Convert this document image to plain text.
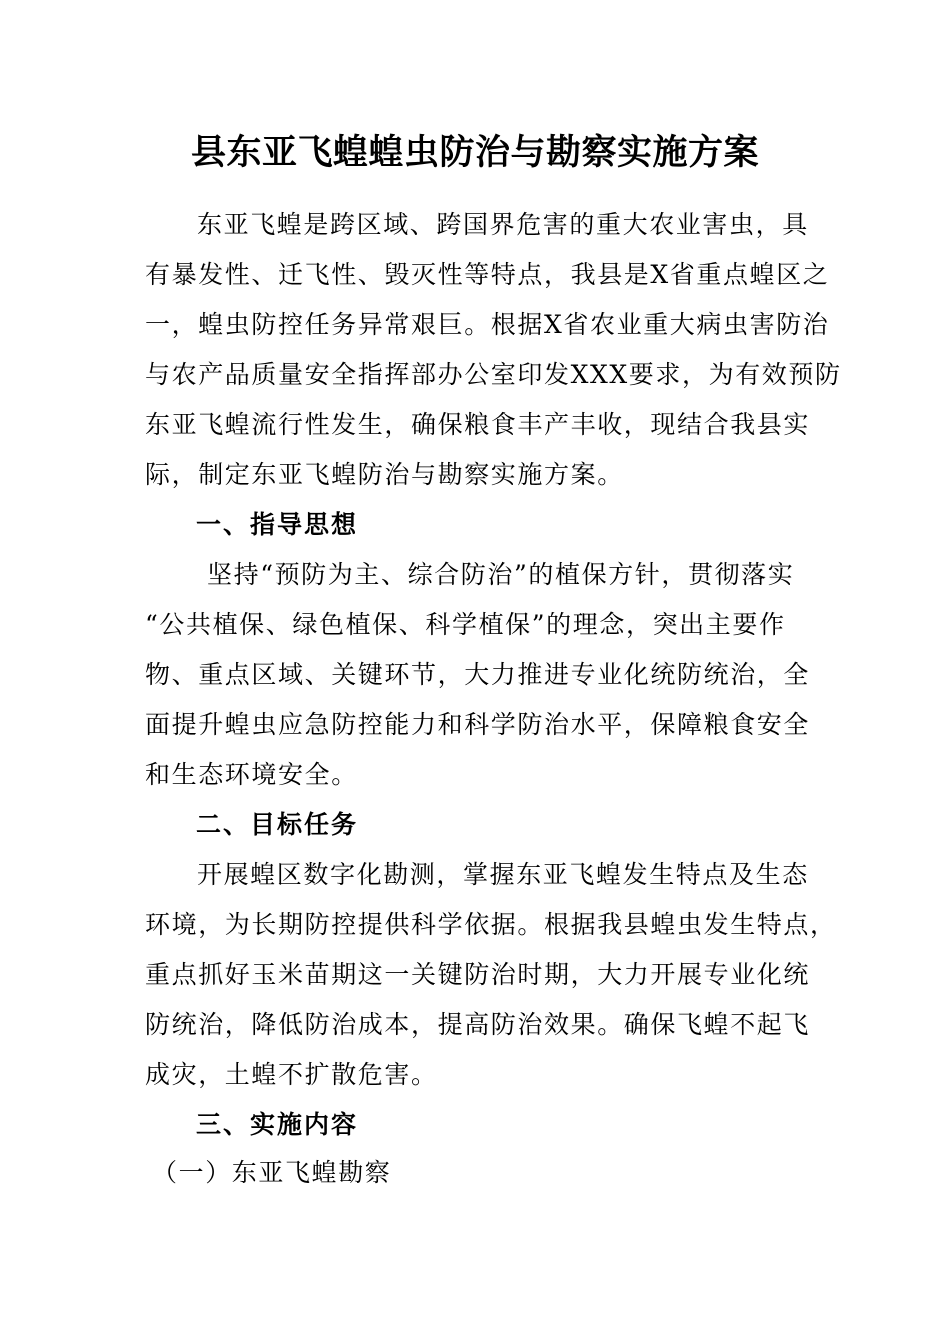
县东亚飞蝗蝗虫防治与勘察实施方案
东亚飞蝗是跨区域、跨国界危害的重大农业害虫，具
有暴发性、迁飞性、毁灭性等特点，我县是X省重点蝗区之
一，蝗虫防控任务异常艰巨。根据X省农业重大病虫害防治
与农产品质量安全指挥部办公室印发XXX要求，为有效预防
东亚飞蝗流行性发生，确保粮食丰产丰收，现结合我县实
际，制定东亚飞蝗防治与勘察实施方案。
一、指导思想
坚持“预防为主、综合防治”的植保方针，贯彻落实
“公共植保、绿色植保、科学植保”的理念，突出主要作
物、重点区域、关键环节，大力推进专业化统防统治，全
面提升蝗虫应急防控能力和科学防治水平，保障粮食安全
和生态环境安全。
二、目标任务
开展蝗区数字化勘测，掌握东亚飞蝗发生特点及生态
环境，为长期防控提供科学依据。根据我县蝗虫发生特点，
重点抓好玉米苗期这一关键防治时期，大力开展专业化统
防统治，降低防治成本，提高防治效果。确保飞蝗不起飞
成灾，土蝗不扩散危害。
三、实施内容
（一）东亚飞蝗勘察
